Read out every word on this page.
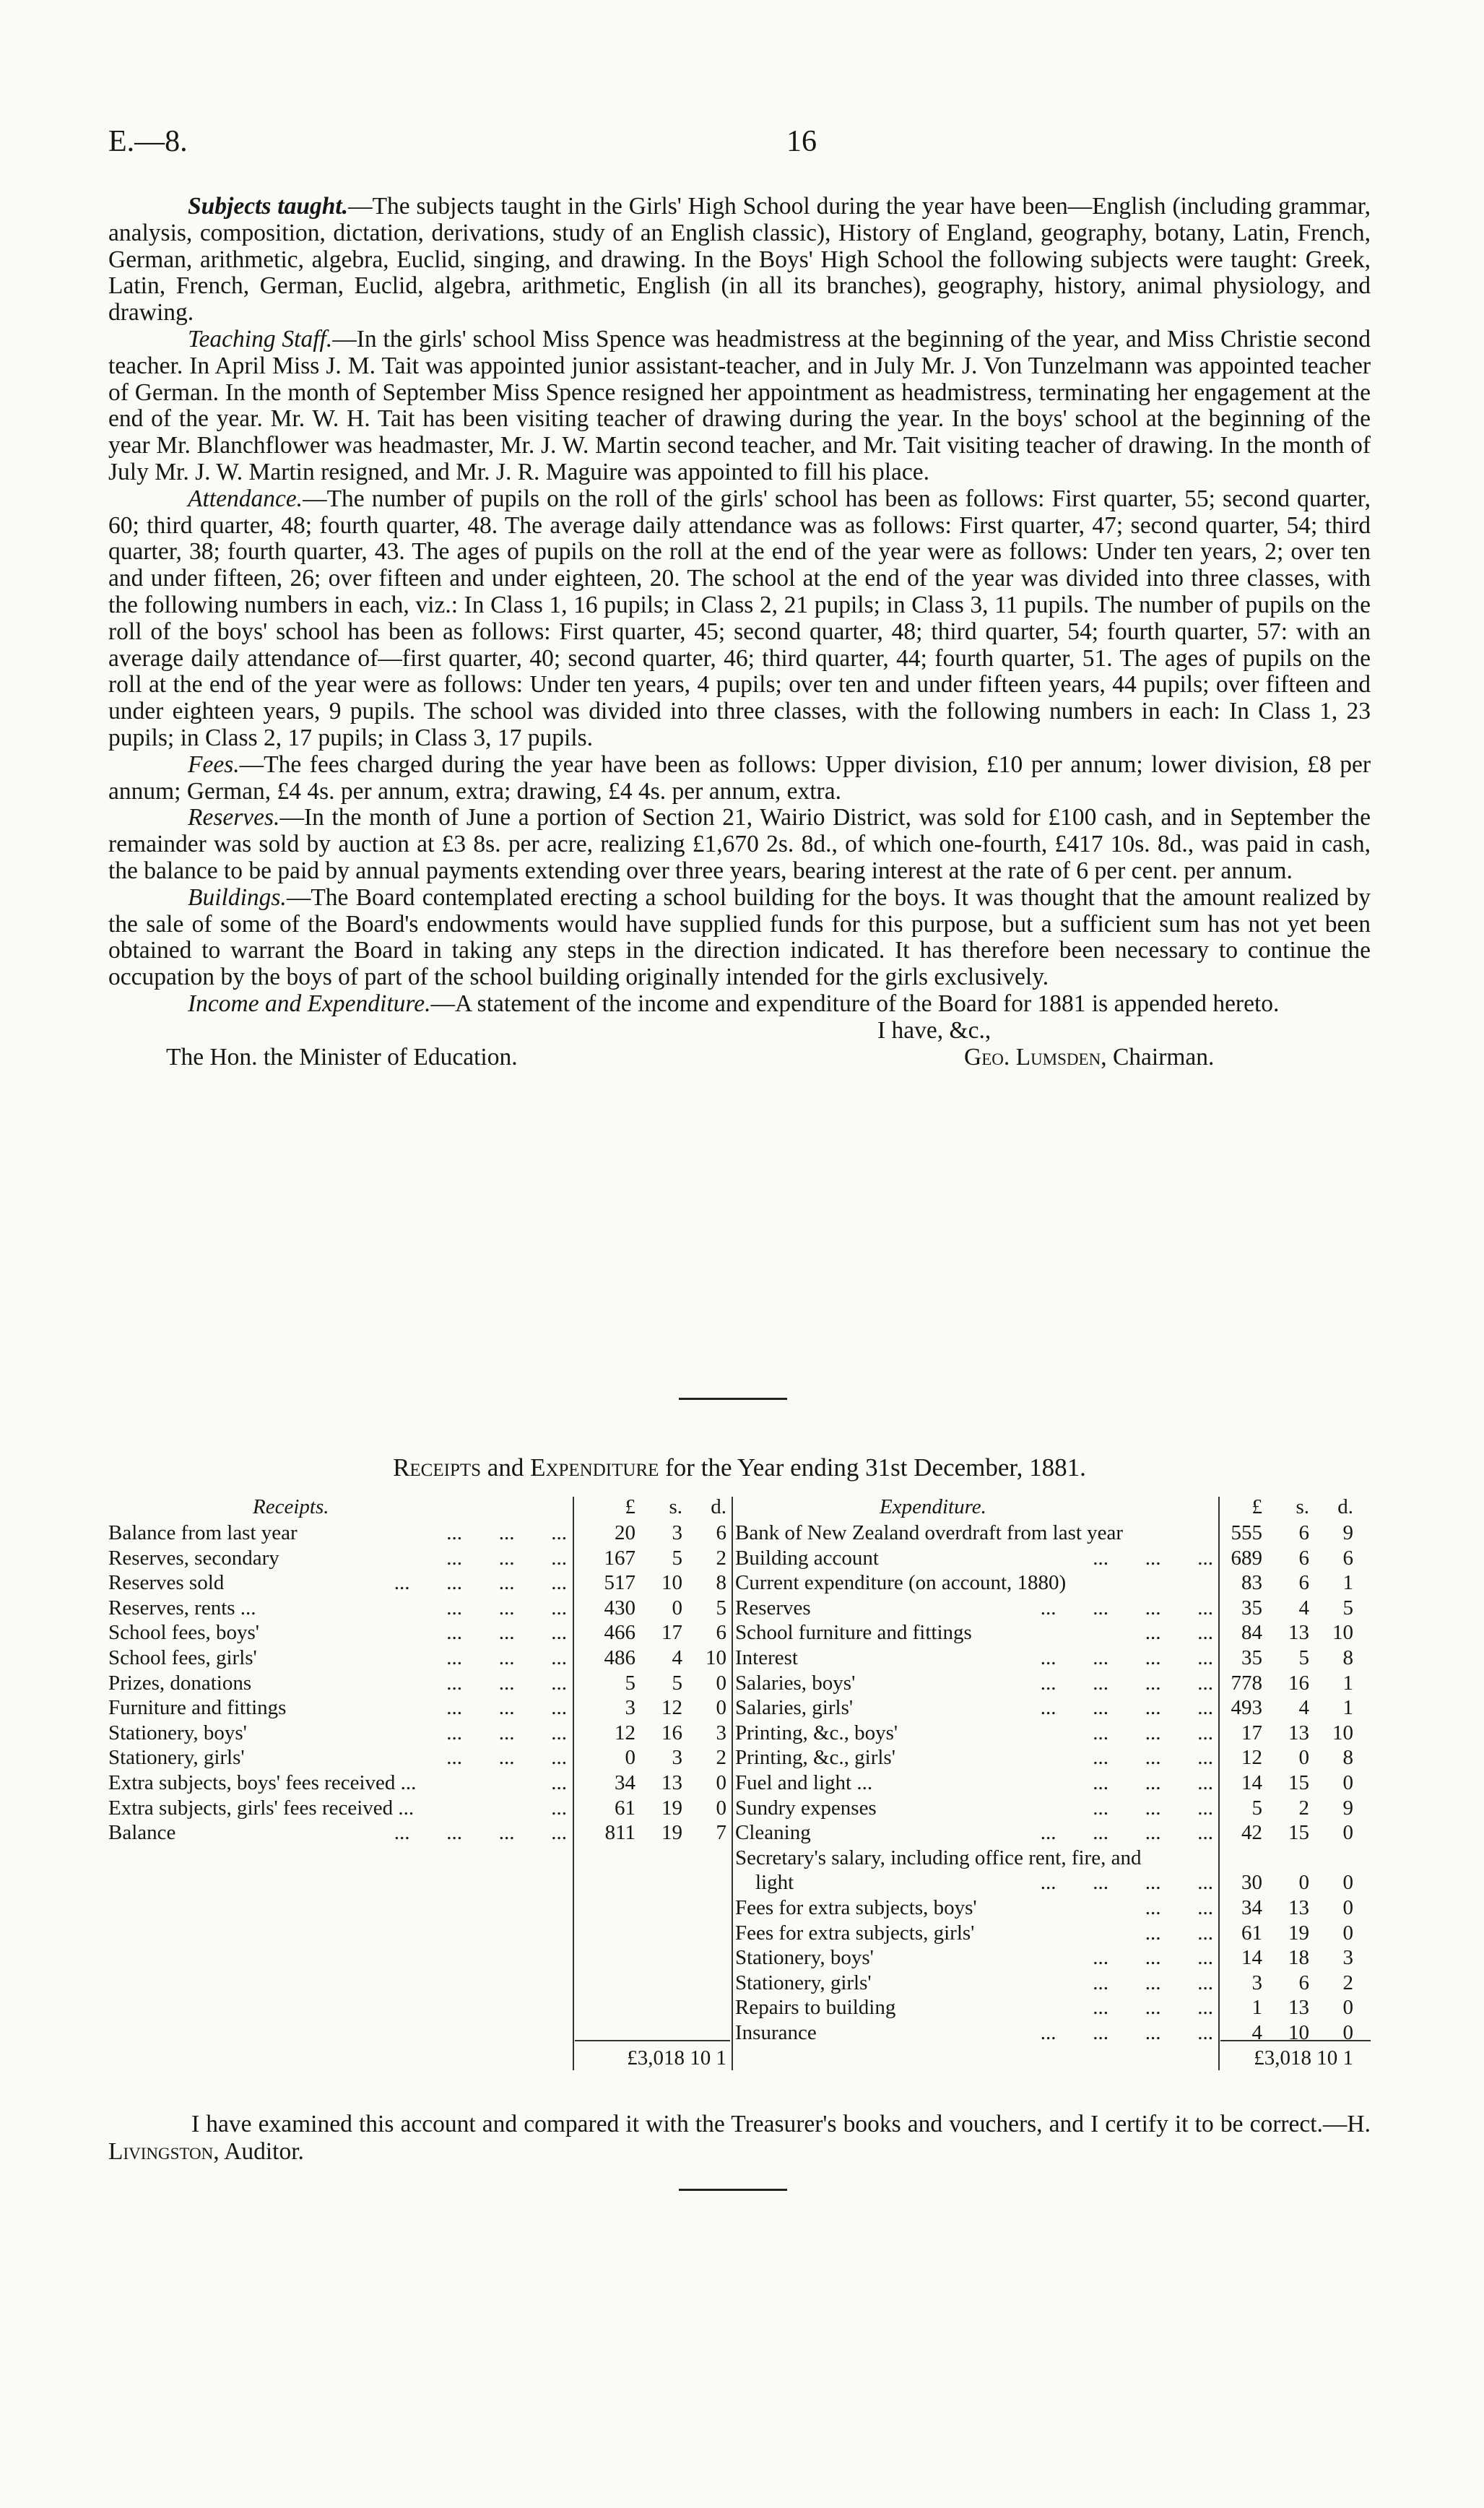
E.—8.	16

Subjects taught.—The subjects taught in the Girls' High School during the year have been—English (including grammar, analysis, composition, dictation, derivations, study of an English classic), History of England, geography, botany, Latin, French, German, arithmetic, algebra, Euclid, singing, and drawing. In the Boys' High School the following subjects were taught: Greek, Latin, French, German, Euclid, algebra, arithmetic, English (in all its branches), geography, history, animal physiology, and drawing.

Teaching Staff.—In the girls' school Miss Spence was headmistress at the beginning of the year, and Miss Christie second teacher. In April Miss J. M. Tait was appointed junior assistant-teacher, and in July Mr. J. Von Tunzelmann was appointed teacher of German. In the month of September Miss Spence resigned her appointment as headmistress, terminating her engagement at the end of the year. Mr. W. H. Tait has been visiting teacher of drawing during the year. In the boys' school at the beginning of the year Mr. Blanchflower was headmaster, Mr. J. W. Martin second teacher, and Mr. Tait visiting teacher of drawing. In the month of July Mr. J. W. Martin resigned, and Mr. J. R. Maguire was appointed to fill his place.

Attendance.—The number of pupils on the roll of the girls' school has been as follows: First quarter, 55; second quarter, 60; third quarter, 48; fourth quarter, 48. The average daily attendance was as follows: First quarter, 47; second quarter, 54; third quarter, 38; fourth quarter, 43. The ages of pupils on the roll at the end of the year were as follows: Under ten years, 2; over ten and under fifteen, 26; over fifteen and under eighteen, 20. The school at the end of the year was divided into three classes, with the following numbers in each, viz.: In Class 1, 16 pupils; in Class 2, 21 pupils; in Class 3, 11 pupils. The number of pupils on the roll of the boys' school has been as follows: First quarter, 45; second quarter, 48; third quarter, 54; fourth quarter, 57: with an average daily attendance of—first quarter, 40; second quarter, 46; third quarter, 44; fourth quarter, 51. The ages of pupils on the roll at the end of the year were as follows: Under ten years, 4 pupils; over ten and under fifteen years, 44 pupils; over fifteen and under eighteen years, 9 pupils. The school was divided into three classes, with the following numbers in each: In Class 1, 23 pupils; in Class 2, 17 pupils; in Class 3, 17 pupils.

Fees.—The fees charged during the year have been as follows: Upper division, £10 per annum; lower division, £8 per annum; German, £4 4s. per annum, extra; drawing, £4 4s. per annum, extra.

Reserves.—In the month of June a portion of Section 21, Wairio District, was sold for £100 cash, and in September the remainder was sold by auction at £3 8s. per acre, realizing £1,670 2s. 8d., of which one-fourth, £417 10s. 8d., was paid in cash, the balance to be paid by annual payments extending over three years, bearing interest at the rate of 6 per cent. per annum.

Buildings.—The Board contemplated erecting a school building for the boys. It was thought that the amount realized by the sale of some of the Board's endowments would have supplied funds for this purpose, but a sufficient sum has not yet been obtained to warrant the Board in taking any steps in the direction indicated. It has therefore been necessary to continue the occupation by the boys of part of the school building originally intended for the girls exclusively.

Income and Expenditure.—A statement of the income and expenditure of the Board for 1881 is appended hereto.

I have, &c.,
The Hon. the Minister of Education.	Geo. Lumsden, Chairman.
Receipts and Expenditure for the Year ending 31st December, 1881.
Receipts.	£	s.	d.	Expenditure.	£	s.	d.
£3,018 10 1	£3,018 10 1
Balance from last year	...       ...       ...	20	3	6
Reserves, secondary	...       ...       ...	167	5	2
Reserves sold	...       ...       ...       ...	517	10	8
Reserves, rents ...	...       ...       ...	430	0	5
School fees, boys'	...       ...       ...	466	17	6
School fees, girls'	...       ...       ...	486	4	10
Prizes, donations	...       ...       ...	5	5	0
Furniture and fittings	...       ...       ...	3	12	0
Stationery, boys'	...       ...       ...	12	16	3
Stationery, girls'	...       ...       ...	0	3	2
Extra subjects, boys' fees received ...	...	34	13	0
Extra subjects, girls' fees received ...	...	61	19	0
Balance	...       ...       ...       ...	811	19	7
Bank of New Zealand overdraft from last year	555	6	9
Building account	...       ...       ... 689	6	6
Current expenditure (on account, 1880)	83	6	1
Reserves	...       ...       ...       ...	35	4	5
School furniture and fittings	...       ...	84	13	10
Interest	...       ...       ...       ...	35	5	8
Salaries, boys'	...       ...       ...       ... 778	16	1
Salaries, girls'	...       ...       ...       ... 493	4	1
Printing, &c., boys'	...       ...       ...	17	13	10
Printing, &c., girls'	...       ...       ...	12	0	8
Fuel and light ...	...       ...       ...	14	15	0
Sundry expenses	...       ...       ...	5	2	9
Cleaning	...       ...       ...       ...	42	15	0
Secretary's salary, including office rent, fire, and
light	...       ...       ...       ...	30	0	0
Fees for extra subjects, boys'	...       ...	34	13	0
Fees for extra subjects, girls'	...       ...	61	19	0
Stationery, boys'	...       ...       ...	14	18	3
Stationery, girls'	...       ...       ...	3	6	2
Repairs to building	...       ...       ...	1	13	0
Insurance	...       ...       ...       ...	4	10	0
I have examined this account and compared it with the Treasurer's books and vouchers, and I certify it to be correct.—H. Livingston, Auditor.
